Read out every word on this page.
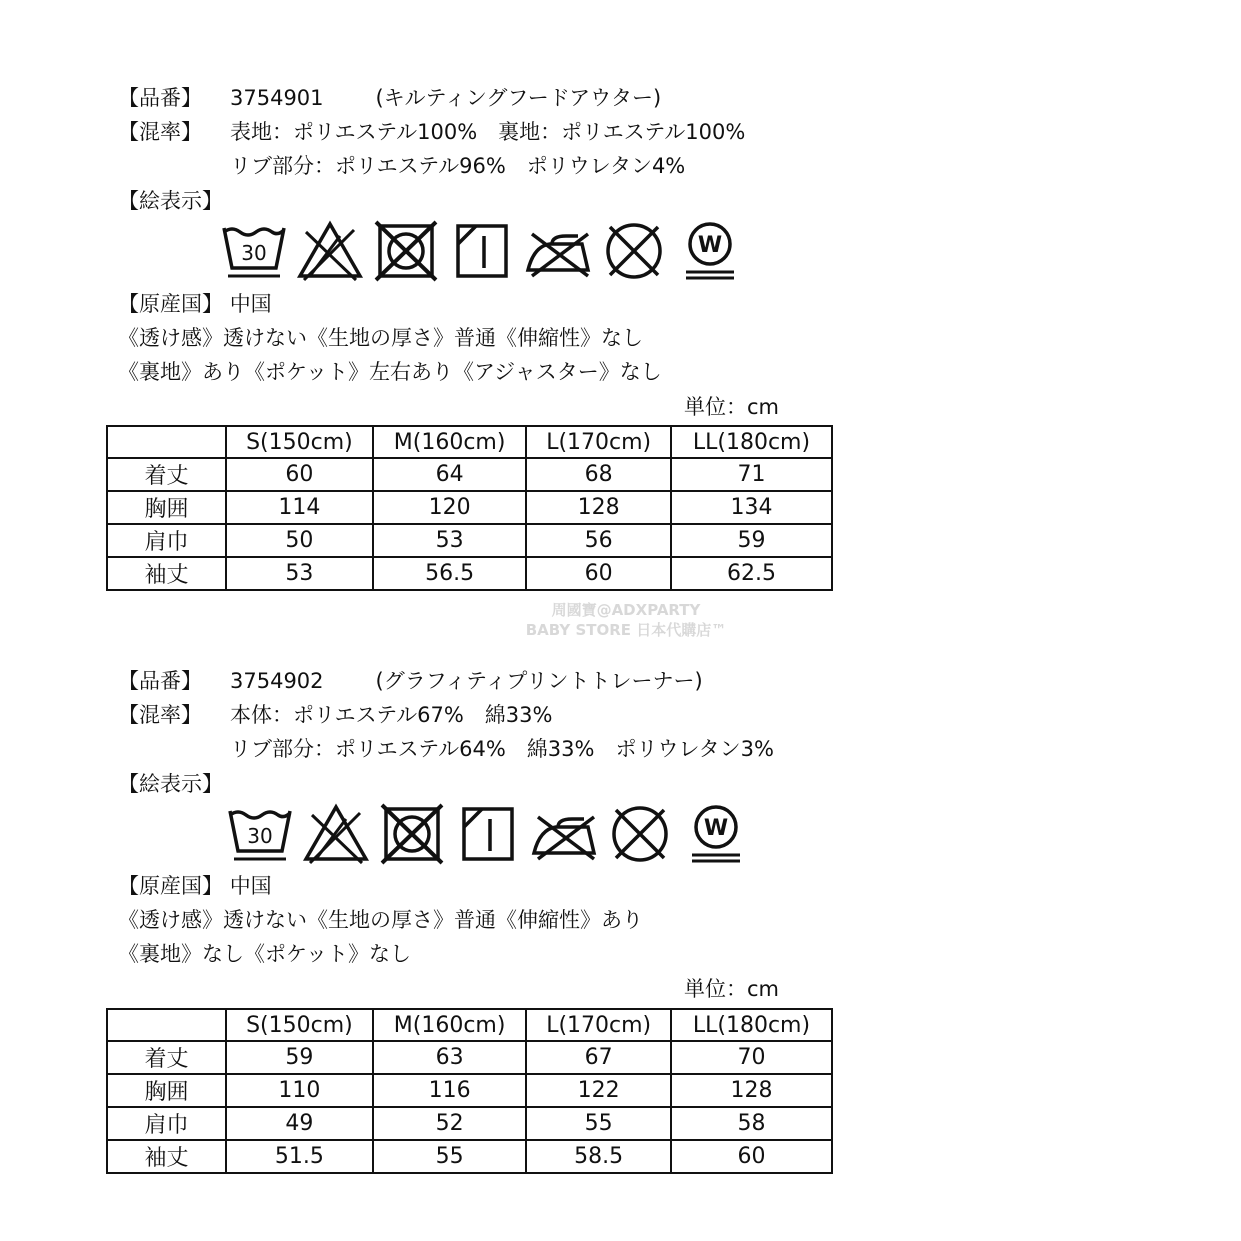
【品番】 3754901 (キルティングフードアウター)
【混率】 表地：ポリエステル100%　裏地：ポリエステル100%
リブ部分：ポリエステル96%　ポリウレタン4%
【絵表示】
30	W
【原産国】 中国
《透け感》透けない《生地の厚さ》普通《伸縮性》なし
《裏地》あり《ポケット》左右あり《アジャスター》なし
単位：cm
	S(150cm)	M(160cm)	L(170cm)	LL(180cm)
着丈	60	64	68	71
胸囲	114	120	128	134
肩巾	50	53	56	59
袖丈	53	56.5	60	62.5
周國寶@ADXPARTY
BABY STORE 日本代購店™
【品番】 3754902 (グラフィティプリントトレーナー)
【混率】 本体：ポリエステル67%　綿33%
リブ部分：ポリエステル64%　綿33%　ポリウレタン3%
【絵表示】
30	W
【原産国】 中国
《透け感》透けない《生地の厚さ》普通《伸縮性》あり
《裏地》なし《ポケット》なし
単位：cm
	S(150cm)	M(160cm)	L(170cm)	LL(180cm)
着丈	59	63	67	70
胸囲	110	116	122	128
肩巾	49	52	55	58
袖丈	51.5	55	58.5	60
